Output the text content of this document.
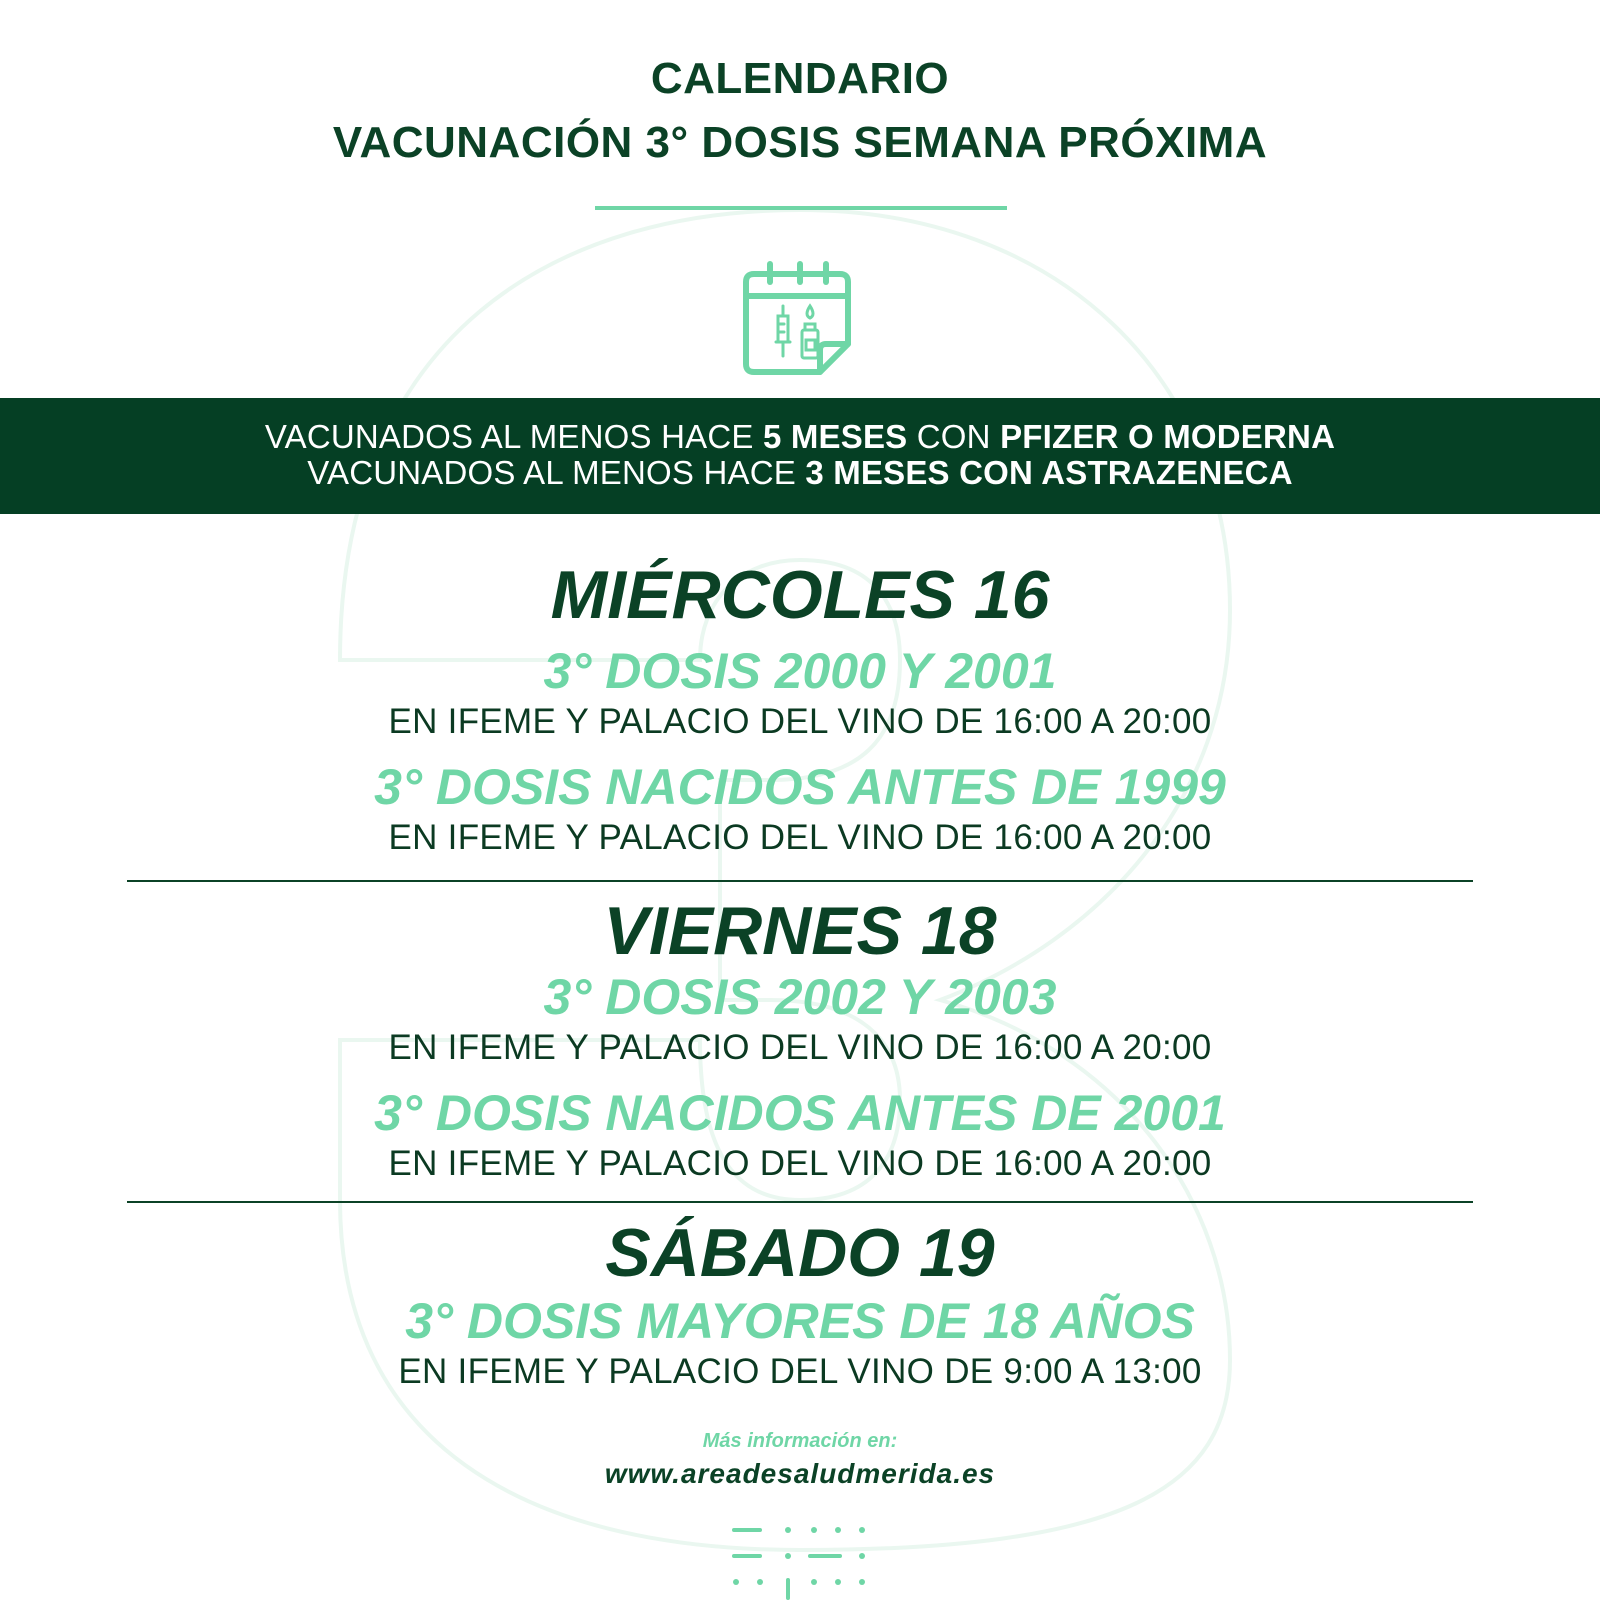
CALENDARIO
VACUNACIÓN 3° DOSIS SEMANA PRÓXIMA
VACUNADOS AL MENOS HACE 5 MESES CON PFIZER O MODERNA
VACUNADOS AL MENOS HACE 3 MESES CON ASTRAZENECA
MIÉRCOLES 16
3° DOSIS 2000 Y 2001
EN IFEME Y PALACIO DEL VINO DE 16:00 A 20:00
3° DOSIS NACIDOS ANTES DE 1999
EN IFEME Y PALACIO DEL VINO DE 16:00 A 20:00
VIERNES 18
3° DOSIS 2002 Y 2003
EN IFEME Y PALACIO DEL VINO DE 16:00 A 20:00
3° DOSIS NACIDOS ANTES DE 2001
EN IFEME Y PALACIO DEL VINO DE 16:00 A 20:00
SÁBADO 19
3° DOSIS MAYORES DE 18 AÑOS
EN IFEME Y PALACIO DEL VINO DE 9:00 A 13:00
Más información en:
www.areadesaludmerida.es
